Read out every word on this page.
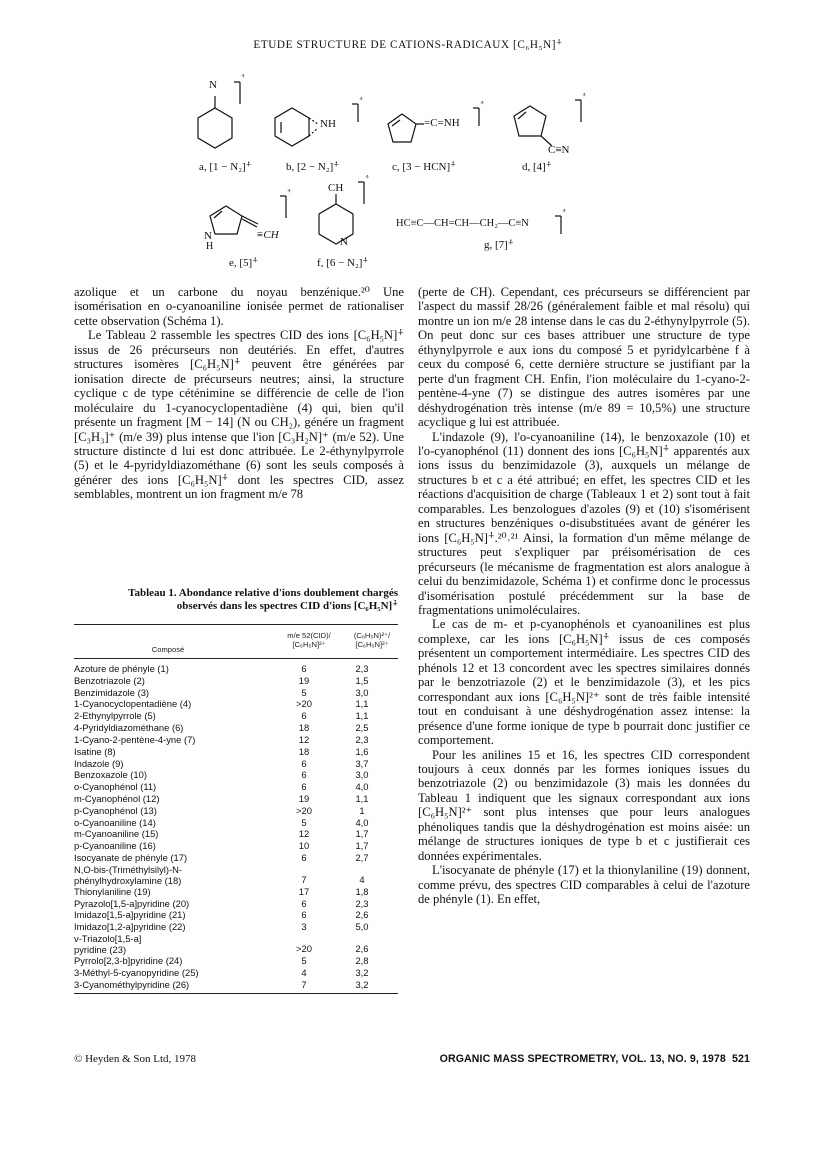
ETUDE STRUCTURE DE CATIONS-RADICAUX [C₆H₅N]⁺̇
N
⁺̇
NH
⁺̇
=C=NH
⁺̇
C≡N
⁺̇
N
H
≡CH
⁺̇	CH
N
⁺̇
HC≡C—CH=CH—CH₂—C≡N
⁺̇
a, [1 − N₂]⁺̇	b, [2 − N₂]⁺̇	c, [3 − HCN]⁺̇	d, [4]⁺̇
e, [5]⁺̇	f, [6 − N₂]⁺̇
g, [7]⁺̇

azolique et un carbone du noyau benzénique.²⁰ Une isomérisation en o-cyanoaniline ionisée permet de rationaliser cette observation (Schéma 1).

Le Tableau 2 rassemble les spectres CID des ions [C₆H₅N]⁺̇ issus de 26 précurseurs non deutériés. En effet, d'autres structures isomères [C₆H₅N]⁺̇ peuvent être générées par ionisation directe de précurseurs neutres; ainsi, la structure cyclique c de type céténimine se différencie de celle de l'ion moléculaire du 1-cyanocyclopentadiène (4) qui, bien qu'il présente un fragment [M − 14] (N ou CH₂), génére un fragment [C₃H₃]⁺ (m/e 39) plus intense que l'ion [C₃H₂N]⁺ (m/e 52). Une structure distincte d lui est donc attribuée. Le 2-éthynylpyrrole (5) et le 4-pyridyldiazométhane (6) sont les seuls composés à générer des ions [C₆H₅N]⁺̇ dont les spectres CID, assez semblables, montrent un ion fragment m/e 78

Tableau 1. Abondance relative d'ions doublement chargés
observés dans les spectres CID d'ions [C₆H₅N]⁺̇
Composé
m/e 52(CID)/
[C₆H₅N]²⁺
(C₆H₅N)²⁺/
[C₆H₅N]²⁺
Azoture de phényle (1)	6	2,3
Benzotriazole (2)	19	1,5
Benzimidazole (3)	5	3,0
1-Cyanocyclopentadiène (4)	>20	1,1
2-Ethynylpyrrole (5)	6	1,1
4-Pyridyldiazométhane (6)	18	2,5
1-Cyano-2-pentène-4-yne (7)	12	2,3
Isatine (8)	18	1,6
Indazole (9)	6	3,7
Benzoxazole (10)	6	3,0
o-Cyanophénol (11)	6	4,0
m-Cyanophénol (12)	19	1,1
p-Cyanophénol (13)	>20	1
o-Cyanoaniline (14)	5	4,0
m-Cyanoaniline (15)	12	1,7
p-Cyanoaniline (16)	10	1,7
Isocyanate de phényle (17)	6	2,7
N,O-bis-(Triméthylsilyl)-N-
phénylhydroxylamine (18)	7	4
Thionylaniline (19)	17	1,8
Pyrazolo[1,5-a]pyridine (20)	6	2,3
Imidazo[1,5-a]pyridine (21)	6	2,6
Imidazo[1,2-a]pyridine (22)	3	5,0
v-Triazolo[1,5-a]
pyridine (23)	>20	2,6
Pyrrolo[2,3-b]pyridine (24)	5	2,8
3-Méthyl-5-cyanopyridine (25)	4	3,2
3-Cyanométhylpyridine (26)	7	3,2

(perte de CH). Cependant, ces précurseurs se différencient par l'aspect du massif 28/26 (généralement faible et mal résolu) qui montre un ion m/e 28 intense dans le cas du 2-éthynylpyrrole (5). On peut donc sur ces bases attribuer une structure de type éthynylpyrrole e aux ions du composé 5 et pyridylcarbène f à ceux du composé 6, cette dernière structure se justifiant par la perte d'un fragment CH. Enfin, l'ion moléculaire du 1-cyano-2-pentène-4-yne (7) se distingue des autres isomères par une déshydrogénation très intense (m/e 89 = 10,5%) une structure acyclique g lui est attribuée.

L'indazole (9), l'o-cyanoaniline (14), le benzoxazole (10) et l'o-cyanophénol (11) donnent des ions [C₆H₅N]⁺̇ apparentés aux ions issus du benzimidazole (3), auxquels un mélange de structures b et c a été attribué; en effet, les spectres CID et les réactions d'acquisition de charge (Tableaux 1 et 2) sont tout à fait comparables. Les benzologues d'azoles (9) et (10) s'isomérisent en structures benzéniques o-disubstituées avant de générer les ions [C₆H₅N]⁺̇.²⁰˒²¹ Ainsi, la formation d'un même mélange de structures peut s'expliquer par préisomérisation de ces précurseurs (le mécanisme de fragmentation est alors analogue à celui du benzimidazole, Schéma 1) et confirme donc le processus d'isomérisation postulé précédemment sur la base de fragmentations unimoléculaires.

Le cas de m- et p-cyanophénols et cyanoanilines est plus complexe, car les ions [C₆H₅N]⁺̇ issus de ces composés présentent un comportement intermédiaire. Les spectres CID des phénols 12 et 13 concordent avec les spectres similaires donnés par le benzotriazole (2) et le benzimidazole (3), et les pics correspondant aux ions [C₆H₅N]²⁺ sont de très faible intensité tout en conduisant à une déshydrogénation assez intense: la présence d'une forme ionique de type b pourrait donc justifier ce comportement.

Pour les anilines 15 et 16, les spectres CID correspondent toujours à ceux donnés par les formes ioniques issues du benzotriazole (2) ou benzimidazole (3) mais les données du Tableau 1 indiquent que les signaux correspondant aux ions [C₆H₅N]²⁺ sont plus intenses que pour leurs analogues phénoliques tandis que la déshydrogénation est moins aisée: un mélange de structures ioniques de type b et c justifierait ces données expérimentales.

L'isocyanate de phényle (17) et la thionylaniline (19) donnent, comme prévu, des spectres CID comparables à celui de l'azoture de phényle (1). En effet,

© Heyden & Son Ltd, 1978	ORGANIC MASS SPECTROMETRY, VOL. 13, NO. 9, 1978 521
